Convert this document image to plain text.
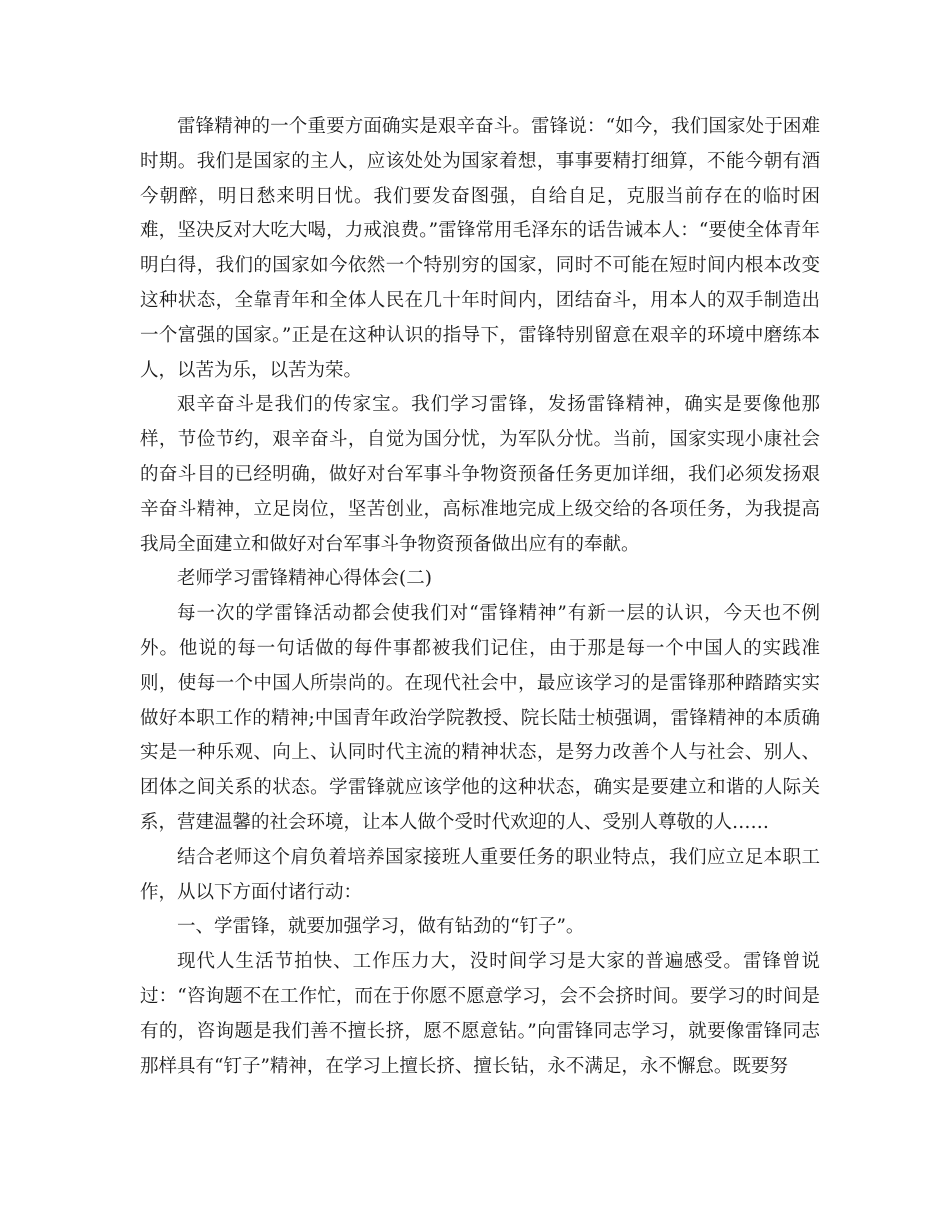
雷锋精神的一个重要方面确实是艰辛奋斗。雷锋说：“如今，我们国家处于困难时期。我们是国家的主人，应该处处为国家着想，事事要精打细算，不能今朝有酒今朝醉，明日愁来明日忧。我们要发奋图强，自给自足，克服当前存在的临时困难，坚决反对大吃大喝，力戒浪费。”雷锋常用毛泽东的话告诫本人：“要使全体青年明白得，我们的国家如今依然一个特别穷的国家，同时不可能在短时间内根本改变这种状态，全靠青年和全体人民在几十年时间内，团结奋斗，用本人的双手制造出一个富强的国家。”正是在这种认识的指导下，雷锋特别留意在艰辛的环境中磨练本人，以苦为乐，以苦为荣。

艰辛奋斗是我们的传家宝。我们学习雷锋，发扬雷锋精神，确实是要像他那样，节俭节约，艰辛奋斗，自觉为国分忧，为军队分忧。当前，国家实现小康社会的奋斗目的已经明确，做好对台军事斗争物资预备任务更加详细，我们必须发扬艰辛奋斗精神，立足岗位，坚苦创业，高标准地完成上级交给的各项任务，为我提高我局全面建立和做好对台军事斗争物资预备做出应有的奉献。

老师学习雷锋精神心得体会(二)

每一次的学雷锋活动都会使我们对“雷锋精神”有新一层的认识，今天也不例外。他说的每一句话做的每件事都被我们记住，由于那是每一个中国人的实践准则，使每一个中国人所崇尚的。在现代社会中，最应该学习的是雷锋那种踏踏实实做好本职工作的精神;中国青年政治学院教授、院长陆士桢强调，雷锋精神的本质确实是一种乐观、向上、认同时代主流的精神状态，是努力改善个人与社会、别人、团体之间关系的状态。学雷锋就应该学他的这种状态，确实是要建立和谐的人际关系，营建温馨的社会环境，让本人做个受时代欢迎的人、受别人尊敬的人……

结合老师这个肩负着培养国家接班人重要任务的职业特点，我们应立足本职工作，从以下方面付诸行动：

一、学雷锋，就要加强学习，做有钻劲的“钉子”。

现代人生活节拍快、工作压力大，没时间学习是大家的普遍感受。雷锋曾说过：“咨询题不在工作忙，而在于你愿不愿意学习，会不会挤时间。要学习的时间是有的，咨询题是我们善不擅长挤，愿不愿意钻。”向雷锋同志学习，就要像雷锋同志那样具有“钉子”精神，在学习上擅长挤、擅长钻，永不满足，永不懈怠。既要努
